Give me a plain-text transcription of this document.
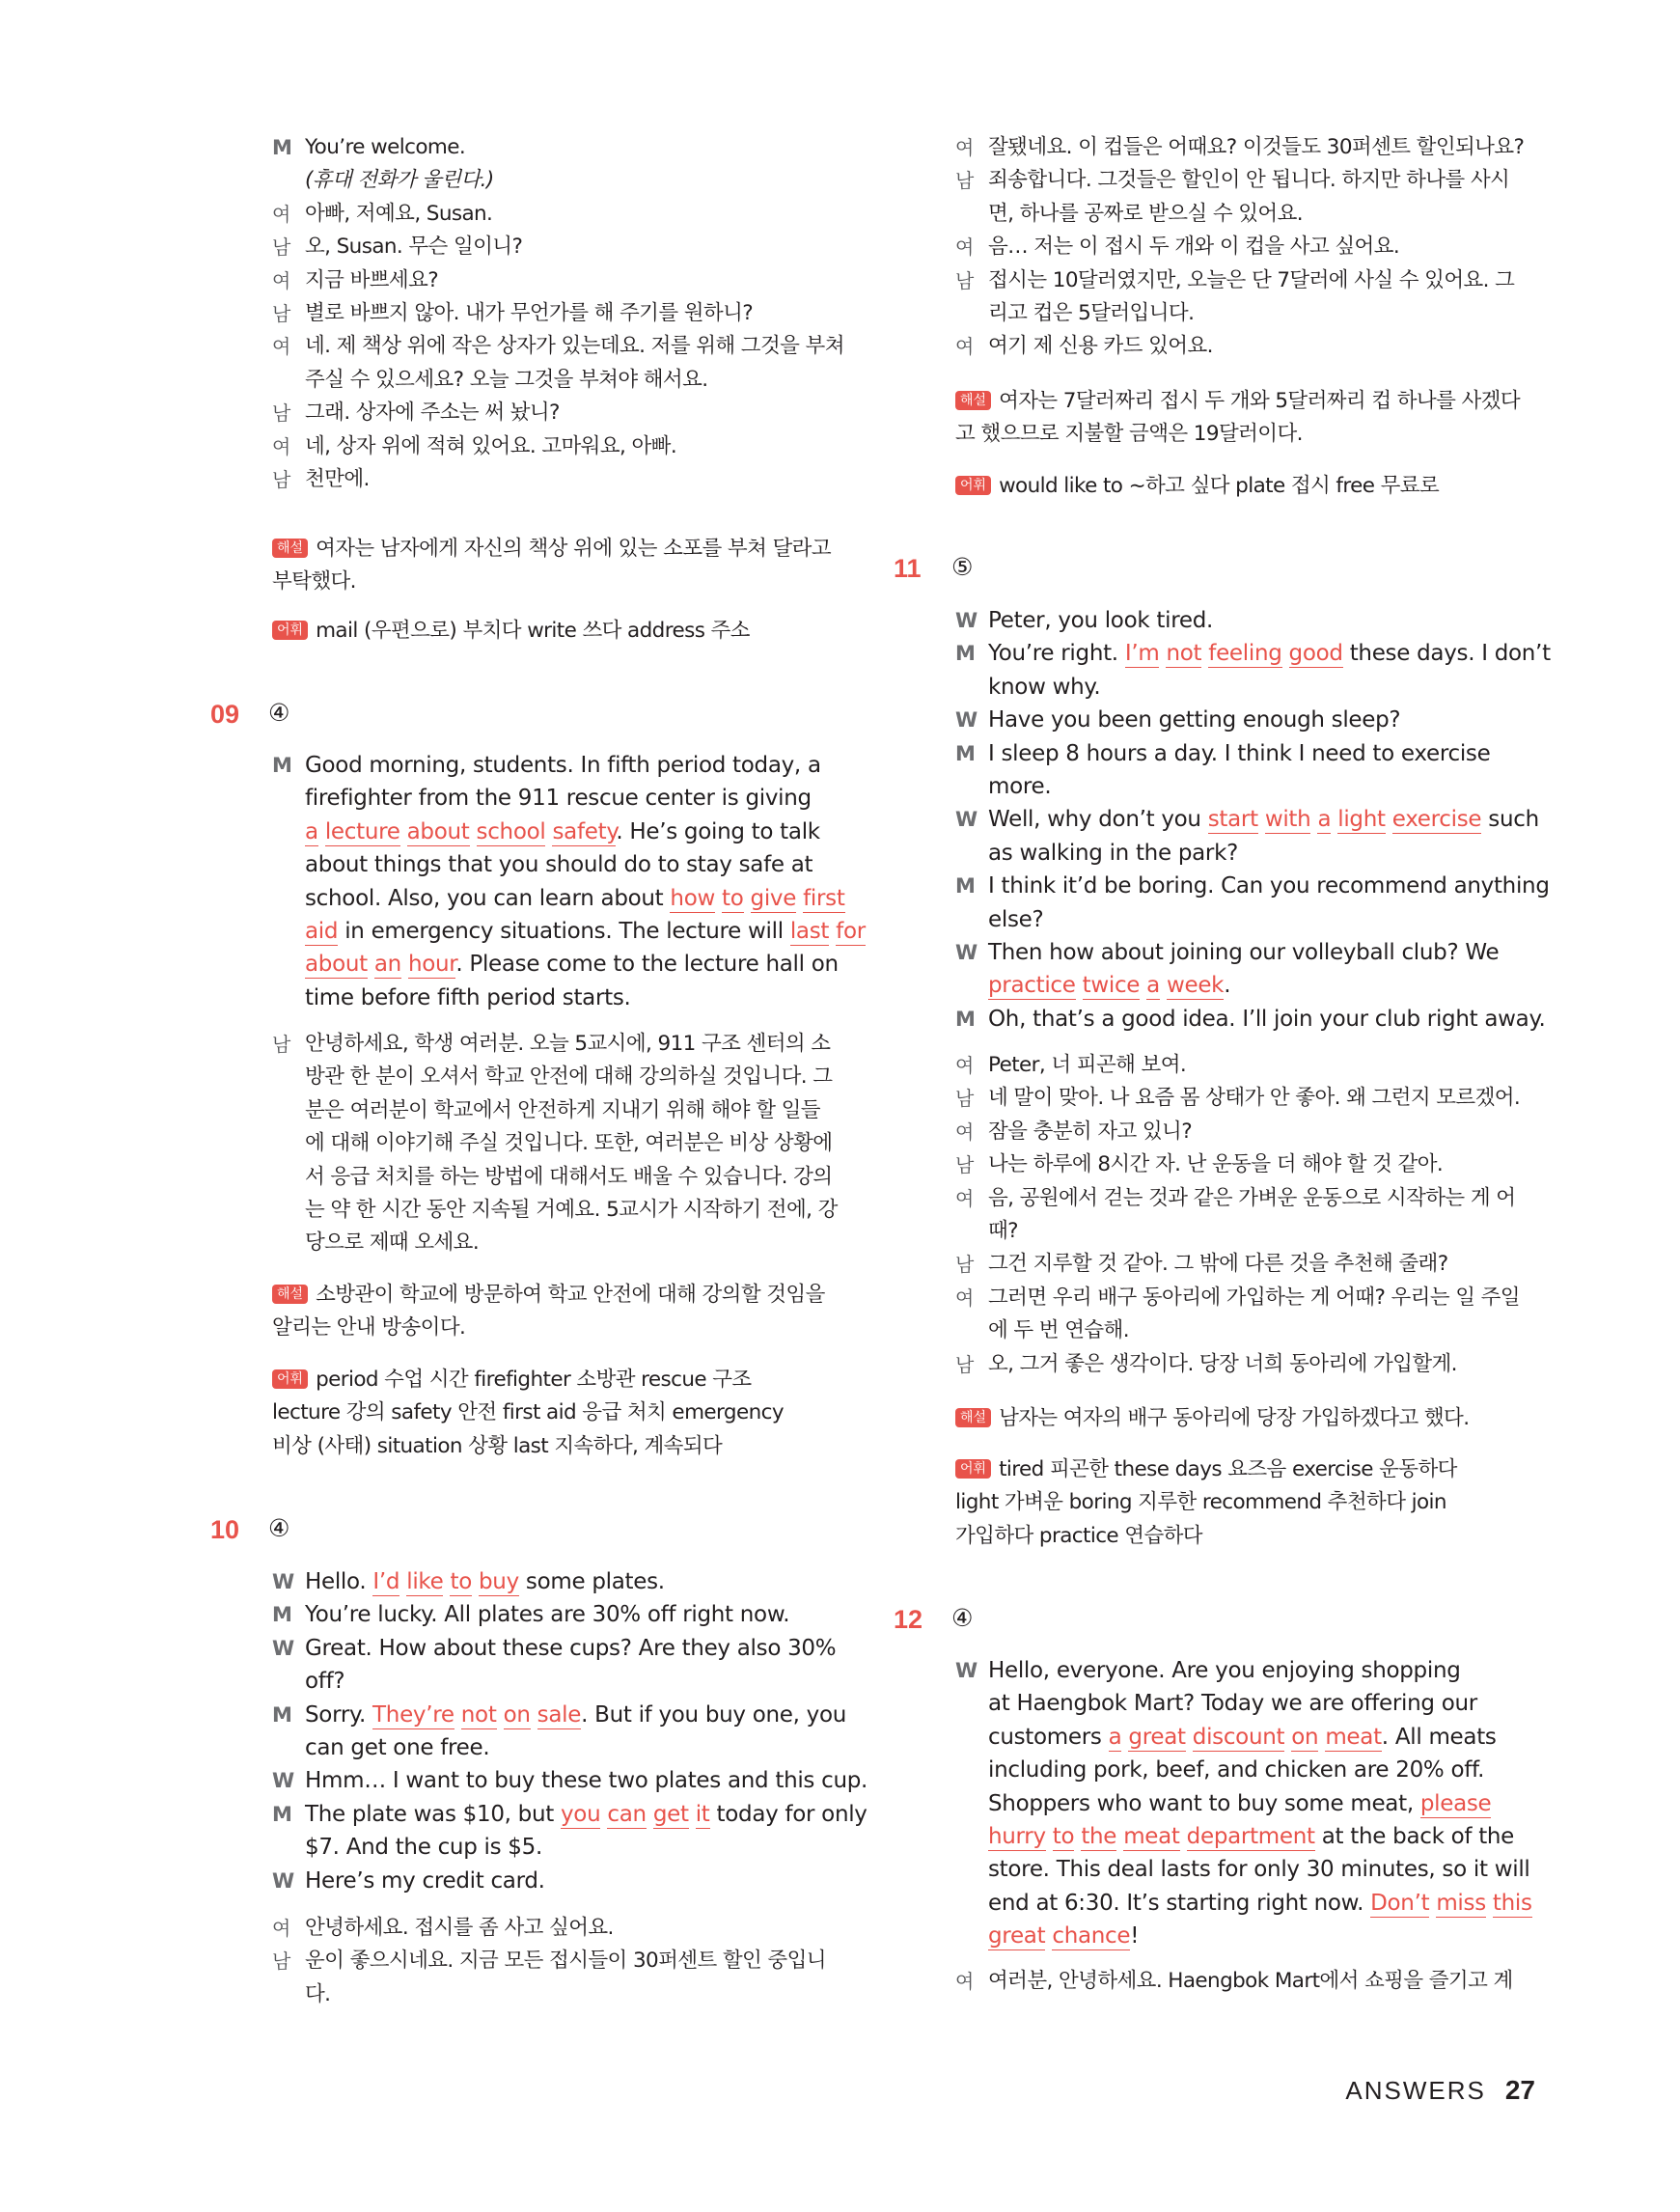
M You’re welcome.
(휴대 전화가 울린다.)
여 아빠, 저예요, Susan.
남 오, Susan. 무슨 일이니?
여 지금 바쁘세요?
남 별로 바쁘지 않아. 내가 무언가를 해 주기를 원하니?
여 네. 제 책상 위에 작은 상자가 있는데요. 저를 위해 그것을 부쳐
주실 수 있으세요? 오늘 그것을 부쳐야 해서요.
남 그래. 상자에 주소는 써 놨니?
여 네, 상자 위에 적혀 있어요. 고마워요, 아빠.
남 천만에.
해설 여자는 남자에게 자신의 책상 위에 있는 소포를 부쳐 달라고
부탁했다.
어휘 mail (우편으로) 부치다 write 쓰다 address 주소
09 ④
M Good morning, students. In fifth period today, a
firefighter from the 911 rescue center is giving
a lecture about school safety. He’s going to talk
about things that you should do to stay safe at
school. Also, you can learn about how to give first
aid in emergency situations. The lecture will last for
about an hour. Please come to the lecture hall on
time before fifth period starts.
남 안녕하세요, 학생 여러분. 오늘 5교시에, 911 구조 센터의 소
방관 한 분이 오셔서 학교 안전에 대해 강의하실 것입니다. 그
분은 여러분이 학교에서 안전하게 지내기 위해 해야 할 일들
에 대해 이야기해 주실 것입니다. 또한, 여러분은 비상 상황에
서 응급 처치를 하는 방법에 대해서도 배울 수 있습니다. 강의
는 약 한 시간 동안 지속될 거예요. 5교시가 시작하기 전에, 강
당으로 제때 오세요.
해설 소방관이 학교에 방문하여 학교 안전에 대해 강의할 것임을
알리는 안내 방송이다.
어휘 period 수업 시간 firefighter 소방관 rescue 구조
lecture 강의 safety 안전 first aid 응급 처치 emergency
비상 (사태) situation 상황 last 지속하다, 계속되다
10 ④
W Hello. I’d like to buy some plates.
M You’re lucky. All plates are 30% off right now.
W Great. How about these cups? Are they also 30%
off?
M Sorry. They’re not on sale. But if you buy one, you
can get one free.
W Hmm… I want to buy these two plates and this cup.
M The plate was $10, but you can get it today for only
$7. And the cup is $5.
W Here’s my credit card.
여 안녕하세요. 접시를 좀 사고 싶어요.
남 운이 좋으시네요. 지금 모든 접시들이 30퍼센트 할인 중입니
다.
여 잘됐네요. 이 컵들은 어때요? 이것들도 30퍼센트 할인되나요?
남 죄송합니다. 그것들은 할인이 안 됩니다. 하지만 하나를 사시
면, 하나를 공짜로 받으실 수 있어요.
여 음… 저는 이 접시 두 개와 이 컵을 사고 싶어요.
남 접시는 10달러였지만, 오늘은 단 7달러에 사실 수 있어요. 그
리고 컵은 5달러입니다.
여 여기 제 신용 카드 있어요.
해설 여자는 7달러짜리 접시 두 개와 5달러짜리 컵 하나를 사겠다
고 했으므로 지불할 금액은 19달러이다.
어휘 would like to ~하고 싶다 plate 접시 free 무료로
11 ⑤
W Peter, you look tired.
M You’re right. I’m not feeling good these days. I don’t
know why.
W Have you been getting enough sleep?
M I sleep 8 hours a day. I think I need to exercise
more.
W Well, why don’t you start with a light exercise such
as walking in the park?
M I think it’d be boring. Can you recommend anything
else?
W Then how about joining our volleyball club? We
practice twice a week.
M Oh, that’s a good idea. I’ll join your club right away.
여 Peter, 너 피곤해 보여.
남 네 말이 맞아. 나 요즘 몸 상태가 안 좋아. 왜 그런지 모르겠어.
여 잠을 충분히 자고 있니?
남 나는 하루에 8시간 자. 난 운동을 더 해야 할 것 같아.
여 음, 공원에서 걷는 것과 같은 가벼운 운동으로 시작하는 게 어
때?
남 그건 지루할 것 같아. 그 밖에 다른 것을 추천해 줄래?
여 그러면 우리 배구 동아리에 가입하는 게 어때? 우리는 일 주일
에 두 번 연습해.
남 오, 그거 좋은 생각이다. 당장 너희 동아리에 가입할게.
해설 남자는 여자의 배구 동아리에 당장 가입하겠다고 했다.
어휘 tired 피곤한 these days 요즈음 exercise 운동하다
light 가벼운 boring 지루한 recommend 추천하다 join
가입하다 practice 연습하다
12 ④
W Hello, everyone. Are you enjoying shopping
at Haengbok Mart? Today we are offering our
customers a great discount on meat. All meats
including pork, beef, and chicken are 20% off.
Shoppers who want to buy some meat, please
hurry to the meat department at the back of the
store. This deal lasts for only 30 minutes, so it will
end at 6:30. It’s starting right now. Don’t miss this
great chance!
여 여러분, 안녕하세요. Haengbok Mart에서 쇼핑을 즐기고 계
ANSWERS 27
